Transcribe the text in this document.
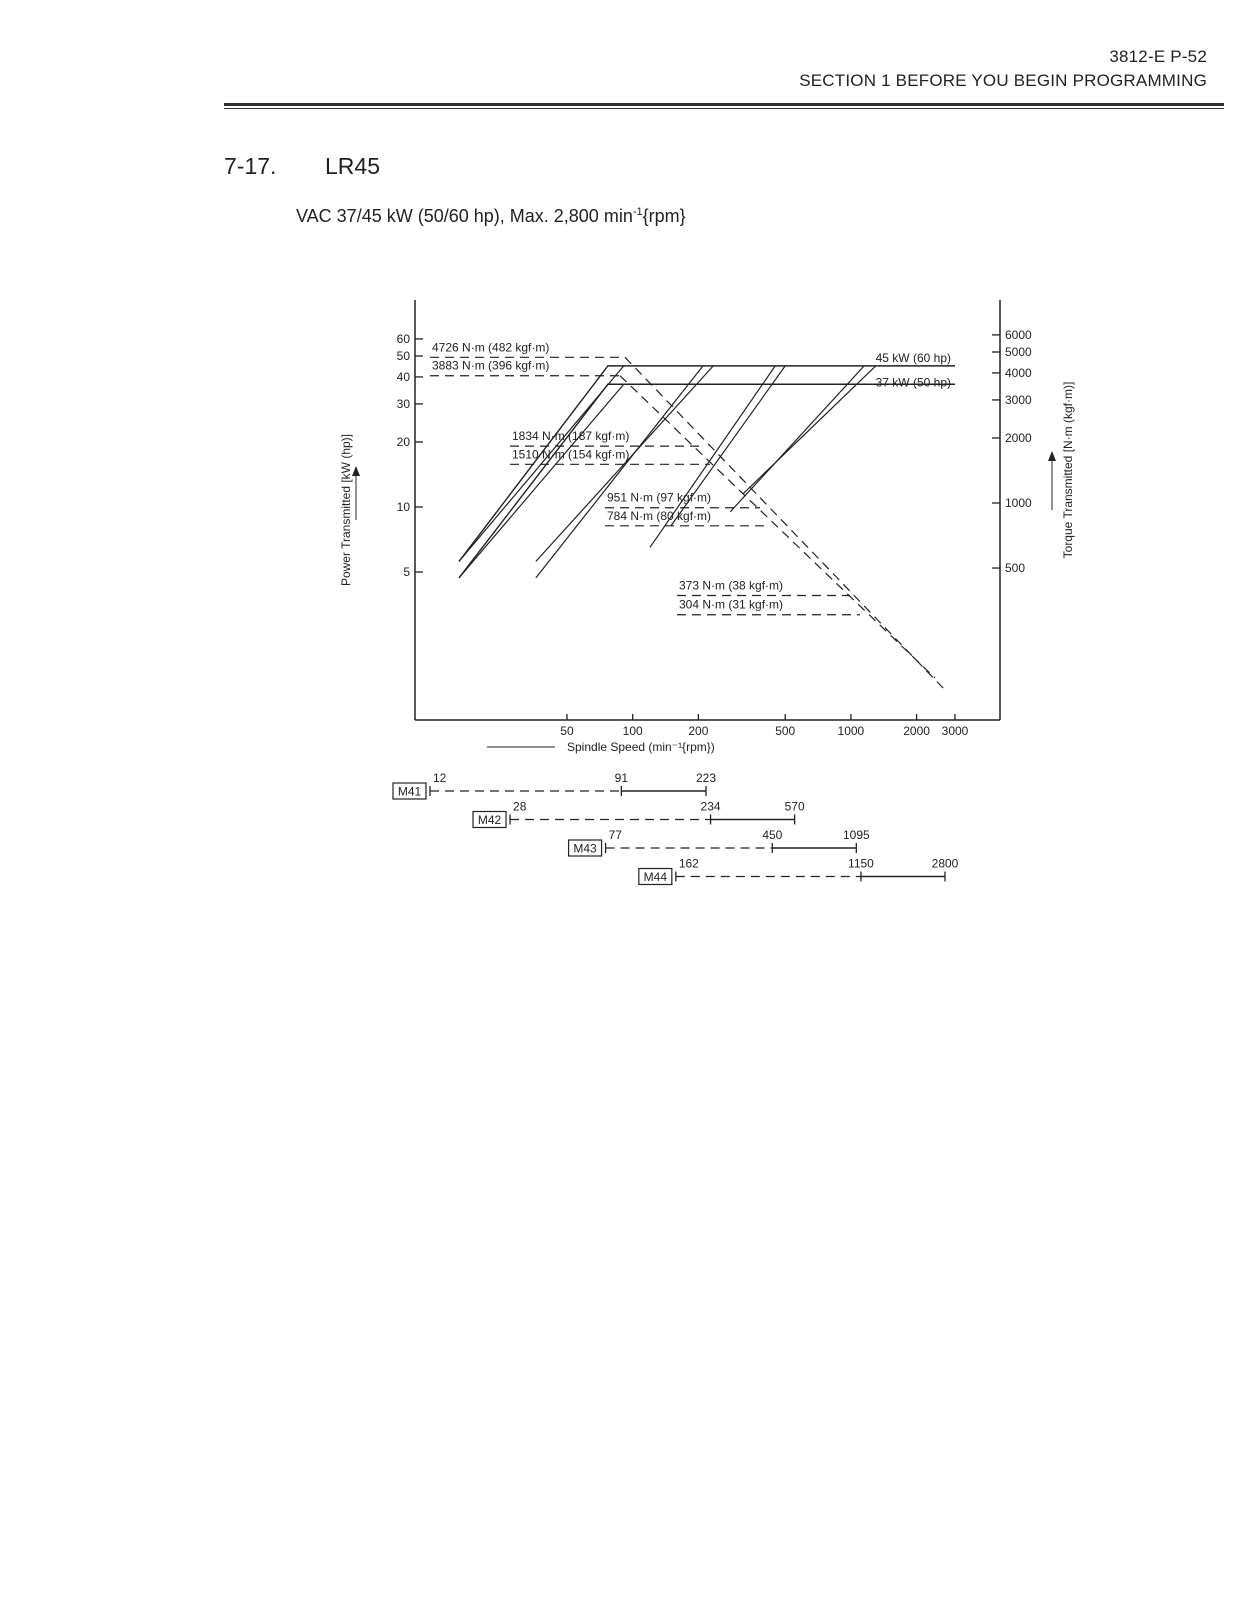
3812-E P-52
SECTION 1 BEFORE YOU BEGIN PROGRAMMING
7-17. LR45
VAC 37/45 kW (50/60 hp), Max. 2,800 $\min^{-1}\{rpm\}$
5
10
20
30
40
50
60
500
1000
2000
3000
4000
5000
6000
50	100	200	500	1000	2000 3000
Power Transmitted [kW (hp)]	Torque Transmitted [N·m (kgf·m)]
Spindle Speed (min⁻¹{rpm})
45 kW (60 hp)
37 kW (50 hp)
4726 N·m (482 kgf·m)
3883 N·m (396 kgf·m)
1834 N·m (187 kgf·m)
1510 N·m (154 kgf·m)
951 N·m (97 kgf·m)
784 N·m (80 kgf·m)
373 N·m (38 kgf·m)
304 N·m (31 kgf·m)
M41
12	91	223
M42
28	234	570
M43
77	450	1095
M44
162	1150	2800
